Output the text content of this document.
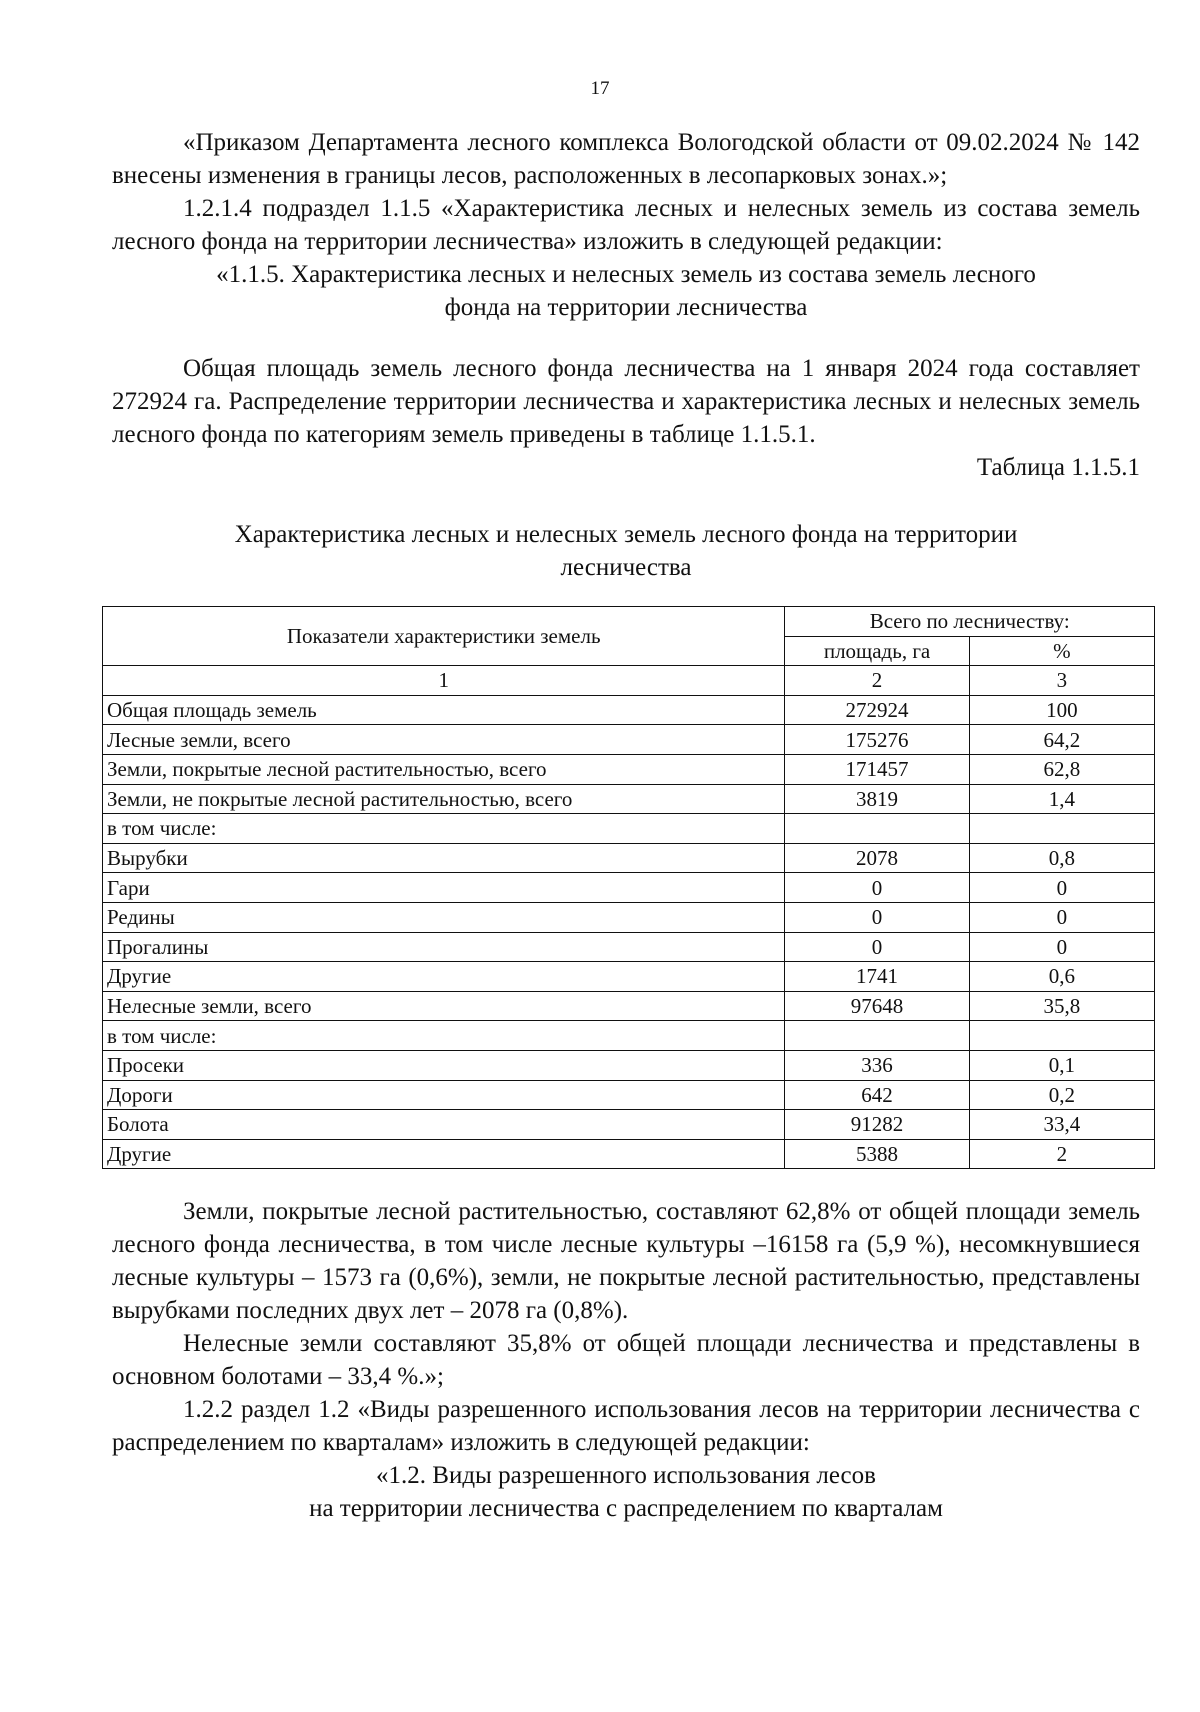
17

«Приказом Департамента лесного комплекса Вологодской области от 09.02.2024 № 142 внесены изменения в границы лесов, расположенных в лесопарковых зонах.»;

1.2.1.4 подраздел 1.1.5 «Характеристика лесных и нелесных земель из состава земель лесного фонда на территории лесничества» изложить в следующей редакции:

«1.1.5. Характеристика лесных и нелесных земель из состава земель лесного

фонда на территории лесничества

Общая площадь земель лесного фонда лесничества на 1 января 2024 года составляет 272924 га. Распределение территории лесничества и характеристика лесных и нелесных земель лесного фонда по категориям земель приведены в таблице 1.1.5.1.

Таблица 1.1.5.1

Характеристика лесных и нелесных земель лесного фонда на территории

лесничества

Показатели характеристики земель	Всего по лесничеству:	
	площадь, га	%
1	2	3
Общая площадь земель	272924	100
Лесные земли, всего	175276	64,2
Земли, покрытые лесной растительностью, всего	171457	62,8
Земли, не покрытые лесной растительностью, всего	3819	1,4
в том числе:		
Вырубки	2078	0,8
Гари	0	0
Редины	0	0
Прогалины	0	0
Другие	1741	0,6
Нелесные земли, всего	97648	35,8
в том числе:		
Просеки	336	0,1
Дороги	642	0,2
Болота	91282	33,4
Другие	5388	2

Земли, покрытые лесной растительностью, составляют 62,8% от общей площади земель лесного фонда лесничества, в том числе лесные культуры –16158 га (5,9 %), несомкнувшиеся лесные культуры – 1573 га (0,6%), земли, не покрытые лесной растительностью, представлены вырубками последних двух лет – 2078 га (0,8%).

Нелесные земли составляют 35,8% от общей площади лесничества и представлены в основном болотами – 33,4 %.»;

1.2.2 раздел 1.2 «Виды разрешенного использования лесов на территории лесничества с распределением по кварталам» изложить в следующей редакции:

«1.2. Виды разрешенного использования лесов

на территории лесничества с распределением по кварталам
